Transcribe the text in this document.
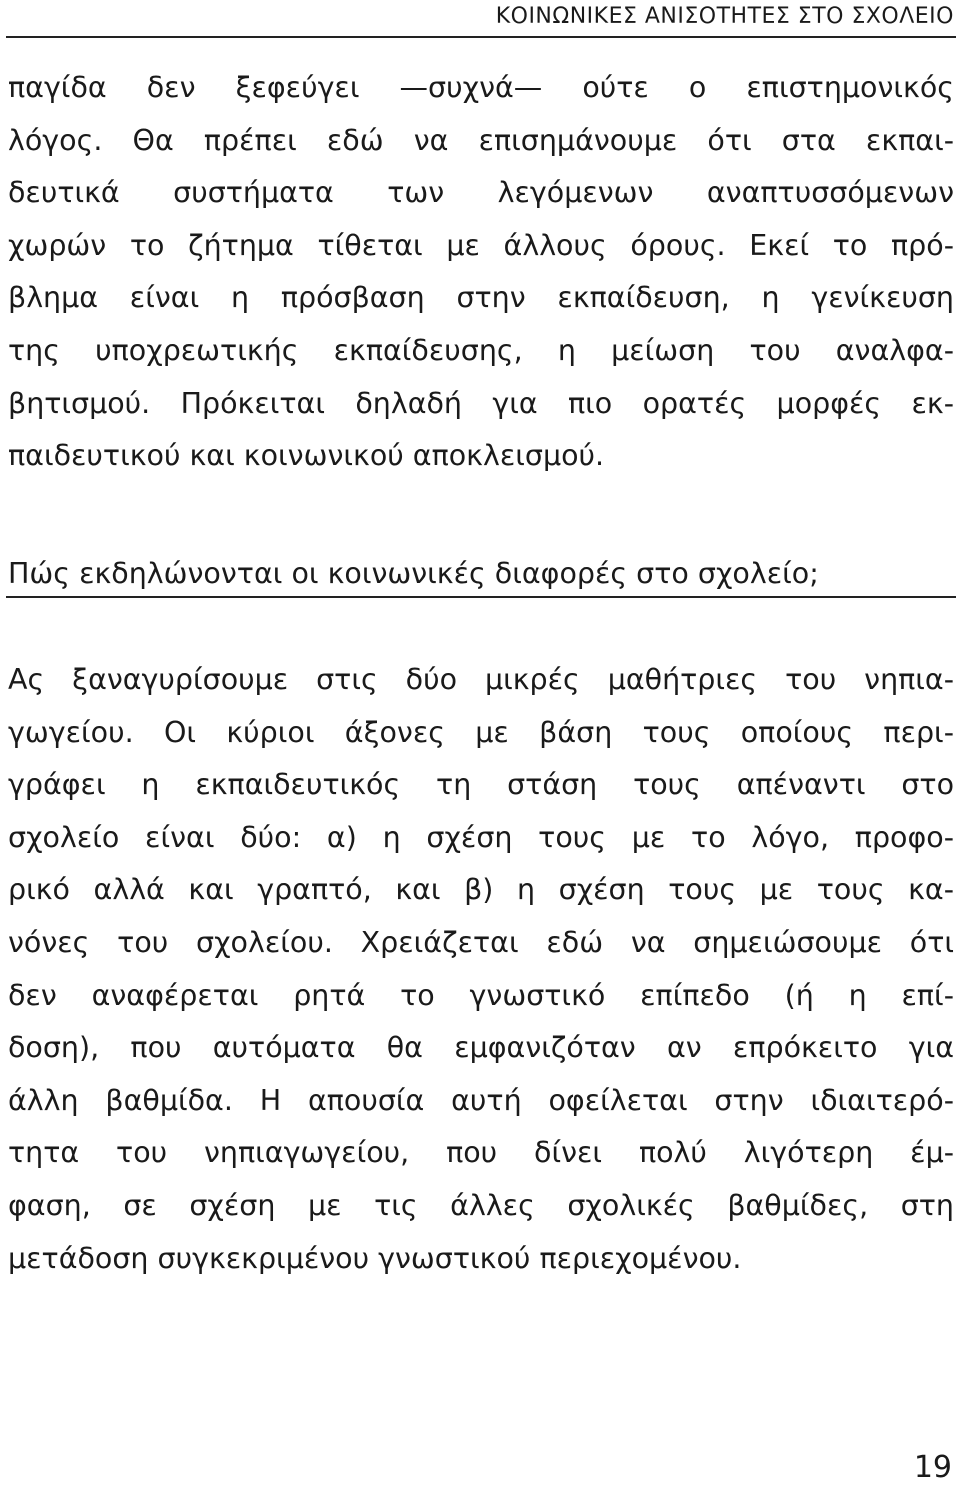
ΚΟΙΝΩΝΙΚΕΣ ΑΝΙΣΟΤΗΤΕΣ ΣΤΟ ΣΧΟΛΕΙΟ
παγίδα δεν ξεφεύγει —συχνά— ούτε ο επιστημονικός
λόγος. Θα πρέπει εδώ να επισημάνουμε ότι στα εκπαι-
δευτικά συστήματα των λεγόμενων αναπτυσσόμενων
χωρών το ζήτημα τίθεται με άλλους όρους. Εκεί το πρό-
βλημα είναι η πρόσβαση στην εκπαίδευση, η γενίκευση
της υποχρεωτικής εκπαίδευσης, η μείωση του αναλφα-
βητισμού. Πρόκειται δηλαδή για πιο ορατές μορφές εκ-
παιδευτικού και κοινωνικού αποκλεισμού.
Πώς εκδηλώνονται οι κοινωνικές διαφορές στο σχολείο;
Ας ξαναγυρίσουμε στις δύο μικρές μαθήτριες του νηπια-
γωγείου. Οι κύριοι άξονες με βάση τους οποίους περι-
γράφει η εκπαιδευτικός τη στάση τους απέναντι στο
σχολείο είναι δύο: α) η σχέση τους με το λόγο, προφο-
ρικό αλλά και γραπτό, και β) η σχέση τους με τους κα-
νόνες του σχολείου. Χρειάζεται εδώ να σημειώσουμε ότι
δεν αναφέρεται ρητά το γνωστικό επίπεδο (ή η επί-
δοση), που αυτόματα θα εμφανιζόταν αν επρόκειτο για
άλλη βαθμίδα. Η απουσία αυτή οφείλεται στην ιδιαιτερό-
τητα του νηπιαγωγείου, που δίνει πολύ λιγότερη έμ-
φαση, σε σχέση με τις άλλες σχολικές βαθμίδες, στη
μετάδοση συγκεκριμένου γνωστικού περιεχομένου.
19
